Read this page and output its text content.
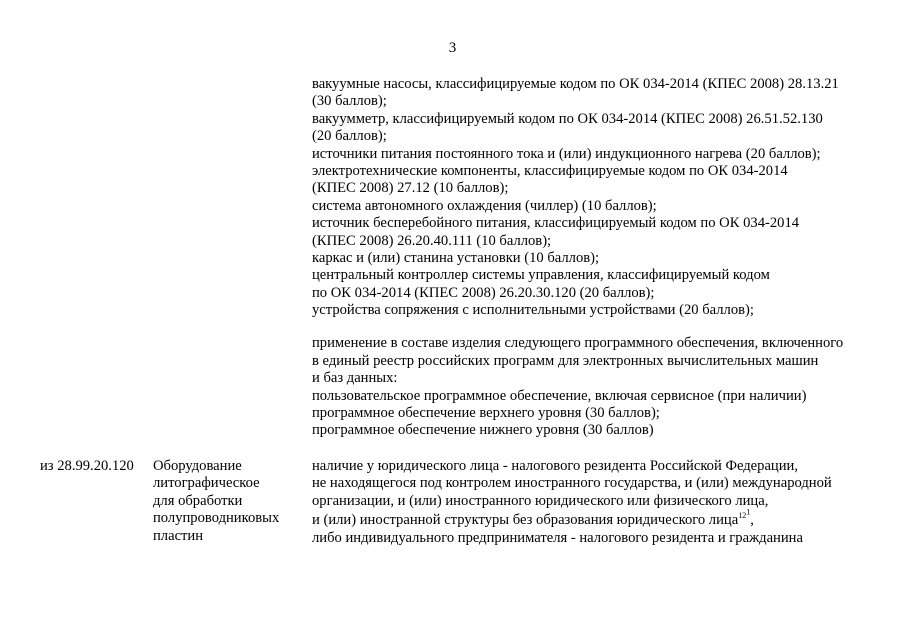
3
вакуумные насосы, классифицируемые кодом по ОК 034-2014 (КПЕС 2008) 28.13.21
(30 баллов);
вакуумметр, классифицируемый кодом по ОК 034-2014 (КПЕС 2008) 26.51.52.130
(20 баллов);
источники питания постоянного тока и (или) индукционного нагрева (20 баллов);
электротехнические компоненты, классифицируемые кодом по ОК 034-2014
(КПЕС 2008) 27.12 (10 баллов);
система автономного охлаждения (чиллер) (10 баллов);
источник бесперебойного питания, классифицируемый кодом по ОК 034-2014
(КПЕС 2008) 26.20.40.111 (10 баллов);
каркас и (или) станина установки (10 баллов);
центральный контроллер системы управления, классифицируемый кодом
по ОК 034-2014 (КПЕС 2008) 26.20.30.120 (20 баллов);
устройства сопряжения с исполнительными устройствами (20 баллов);
применение в составе изделия следующего программного обеспечения, включенного
в единый реестр российских программ для электронных вычислительных машин
и баз данных:
пользовательское программное обеспечение, включая сервисное (при наличии)
программное обеспечение верхнего уровня (30 баллов);
программное обеспечение нижнего уровня (30 баллов)
из 28.99.20.120	Оборудование
литографическое
для обработки
полупроводниковых
пластин
наличие у юридического лица - налогового резидента Российской Федерации,
не находящегося под контролем иностранного государства, и (или) международной
организации, и (или) иностранного юридического или физического лица,
и (или) иностранной структуры без образования юридического лица$^{12^1}$,
либо индивидуального предпринимателя - налогового резидента и гражданина
